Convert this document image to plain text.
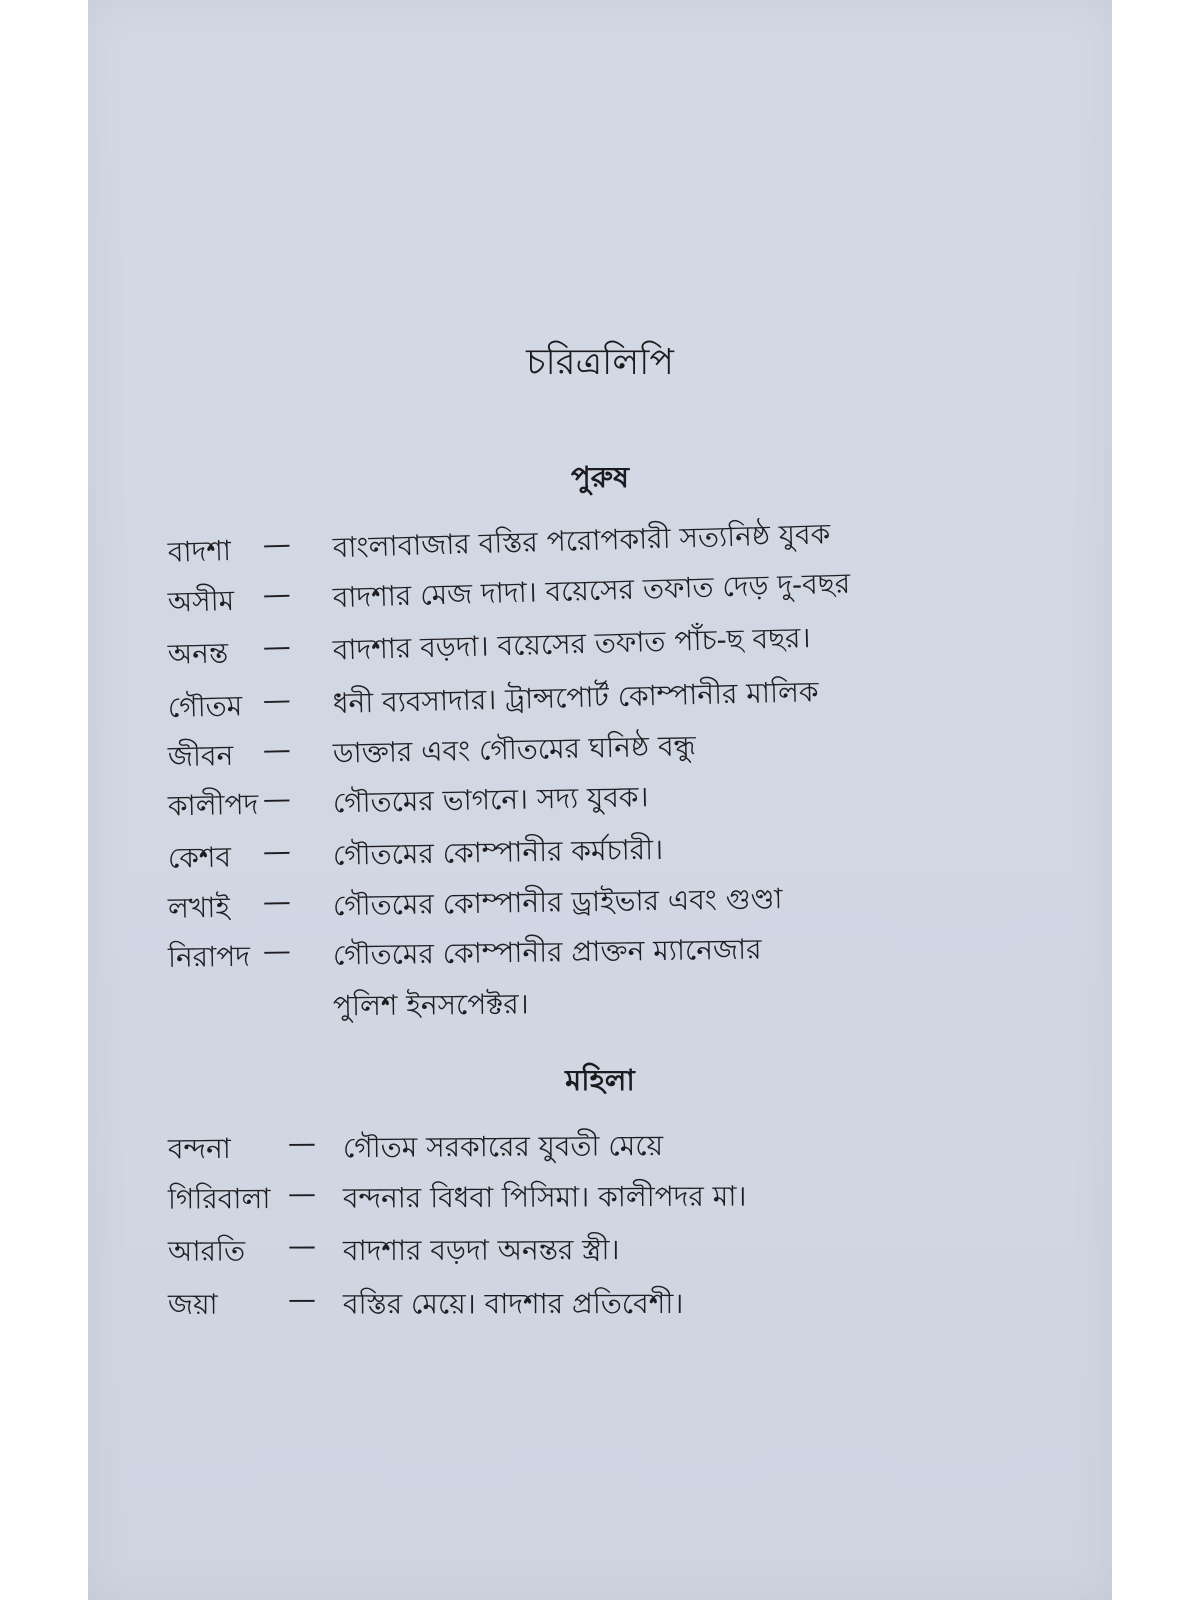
চরিত্রলিপি
পুরুষ
বাদশা — বাংলাবাজার বস্তির পরোপকারী সত্যনিষ্ঠ যুবক
অসীম — বাদশার মেজ দাদা। বয়েসের তফাত দেড় দু-বছর
অনন্ত — বাদশার বড়দা। বয়েসের তফাত পাঁচ-ছ বছর।
গৌতম — ধনী ব্যবসাদার। ট্রান্সপোর্ট কোম্পানীর মালিক
জীবন — ডাক্তার এবং গৌতমের ঘনিষ্ঠ বন্ধু
কালীপদ — গৌতমের ভাগনে। সদ্য যুবক।
কেশব — গৌতমের কোম্পানীর কর্মচারী।
লখাই — গৌতমের কোম্পানীর ড্রাইভার এবং গুণ্ডা
নিরাপদ — গৌতমের কোম্পানীর প্রাক্তন ম্যানেজার
পুলিশ ইনসপেক্টর।
মহিলা
বন্দনা — গৌতম সরকারের যুবতী মেয়ে
গিরিবালা — বন্দনার বিধবা পিসিমা। কালীপদর মা।
আরতি — বাদশার বড়দা অনন্তর স্ত্রী।
জয়া	— বস্তির মেয়ে। বাদশার প্রতিবেশী।
